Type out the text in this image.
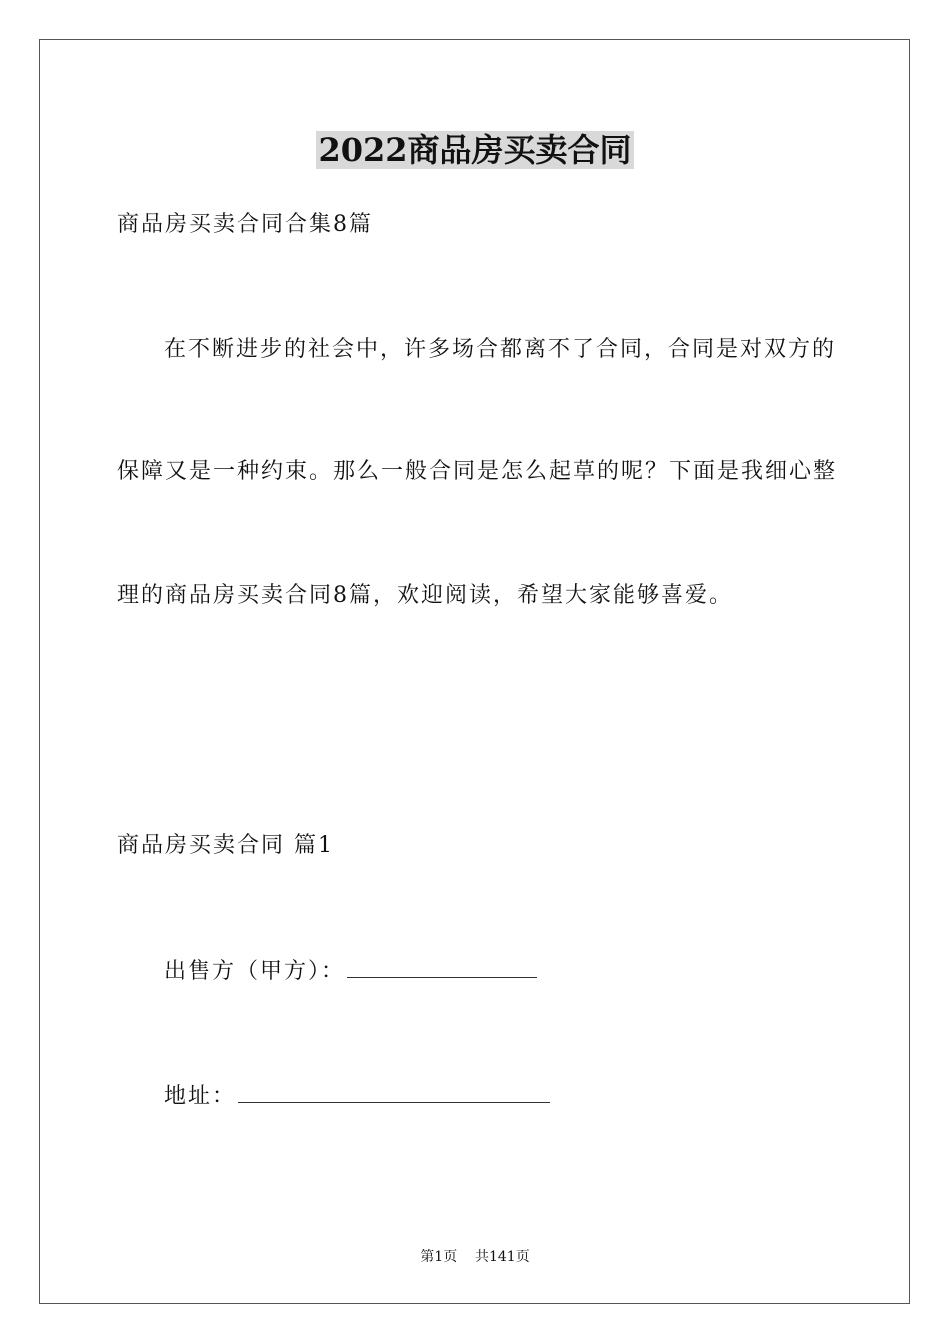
2022商品房买卖合同
商品房买卖合同合集8篇
在不断进步的社会中，许多场合都离不了合同，合同是对双方的
保障又是一种约束。那么一般合同是怎么起草的呢？下面是我细心整
理的商品房买卖合同8篇，欢迎阅读，希望大家能够喜爱。
商品房买卖合同 篇1
出售方（甲方）：
地址：
第1页    共141页
